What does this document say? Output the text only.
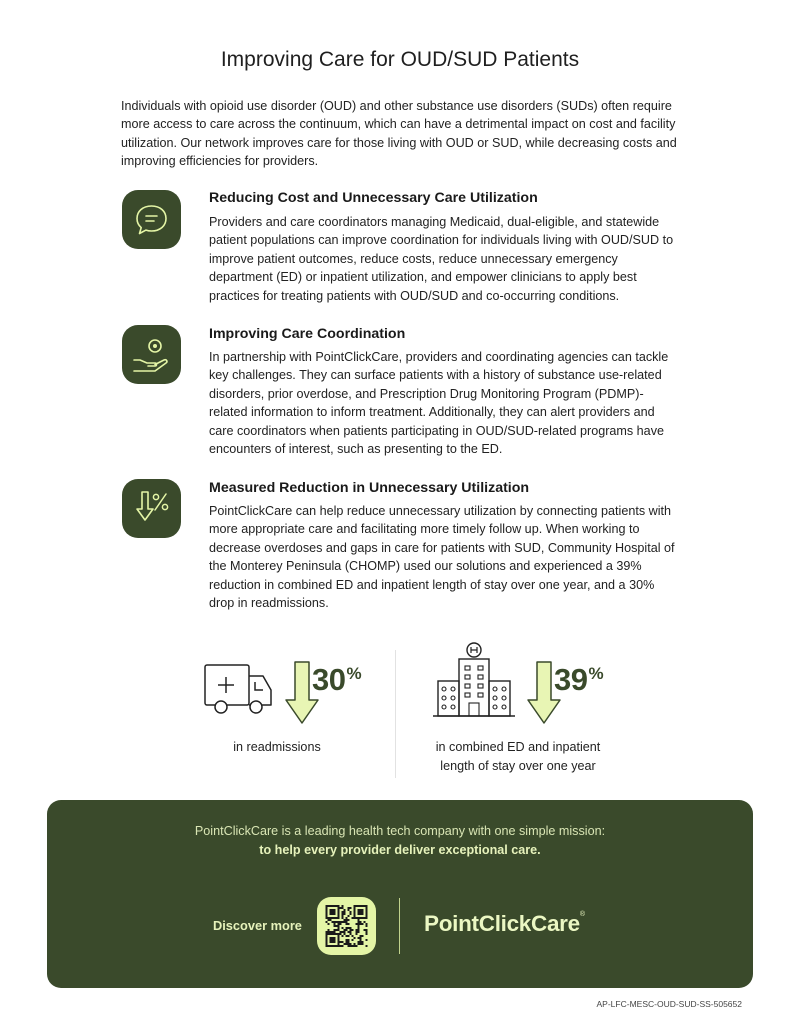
Improving Care for OUD/SUD Patients
Individuals with opioid use disorder (OUD) and other substance use disorders (SUDs) often require more access to care across the continuum, which can have a detrimental impact on cost and facility utilization. Our network improves care for those living with OUD or SUD, while decreasing costs and improving efficiencies for providers.
Reducing Cost and Unnecessary Care Utilization
Providers and care coordinators managing Medicaid, dual-eligible, and statewide patient populations can improve coordination for individuals living with OUD/SUD to improve patient outcomes, reduce costs, reduce unnecessary emergency department (ED) or inpatient utilization, and empower clinicians to apply best practices for treating patients with OUD/SUD and co-occurring conditions.
Improving Care Coordination
In partnership with PointClickCare, providers and coordinating agencies can tackle key challenges. They can surface patients with a history of substance use-related disorders, prior overdose, and Prescription Drug Monitoring Program (PDMP)-related information to inform treatment. Additionally, they can alert providers and care coordinators when patients participating in OUD/SUD-related programs have encounters of interest, such as presenting to the ED.
Measured Reduction in Unnecessary Utilization
PointClickCare can help reduce unnecessary utilization by connecting patients with more appropriate care and facilitating more timely follow up. When working to decrease overdoses and gaps in care for patients with SUD, Community Hospital of the Monterey Peninsula (CHOMP) used our solutions and experienced a 39% reduction in combined ED and inpatient length of stay over one year, and a 30% drop in readmissions.
30%
in readmissions
39%
in combined ED and inpatient
length of stay over one year
PointClickCare is a leading health tech company with one simple mission:
to help every provider deliver exceptional care.
Discover more	PointClickCare®
AP-LFC-MESC-OUD-SUD-SS-505652
